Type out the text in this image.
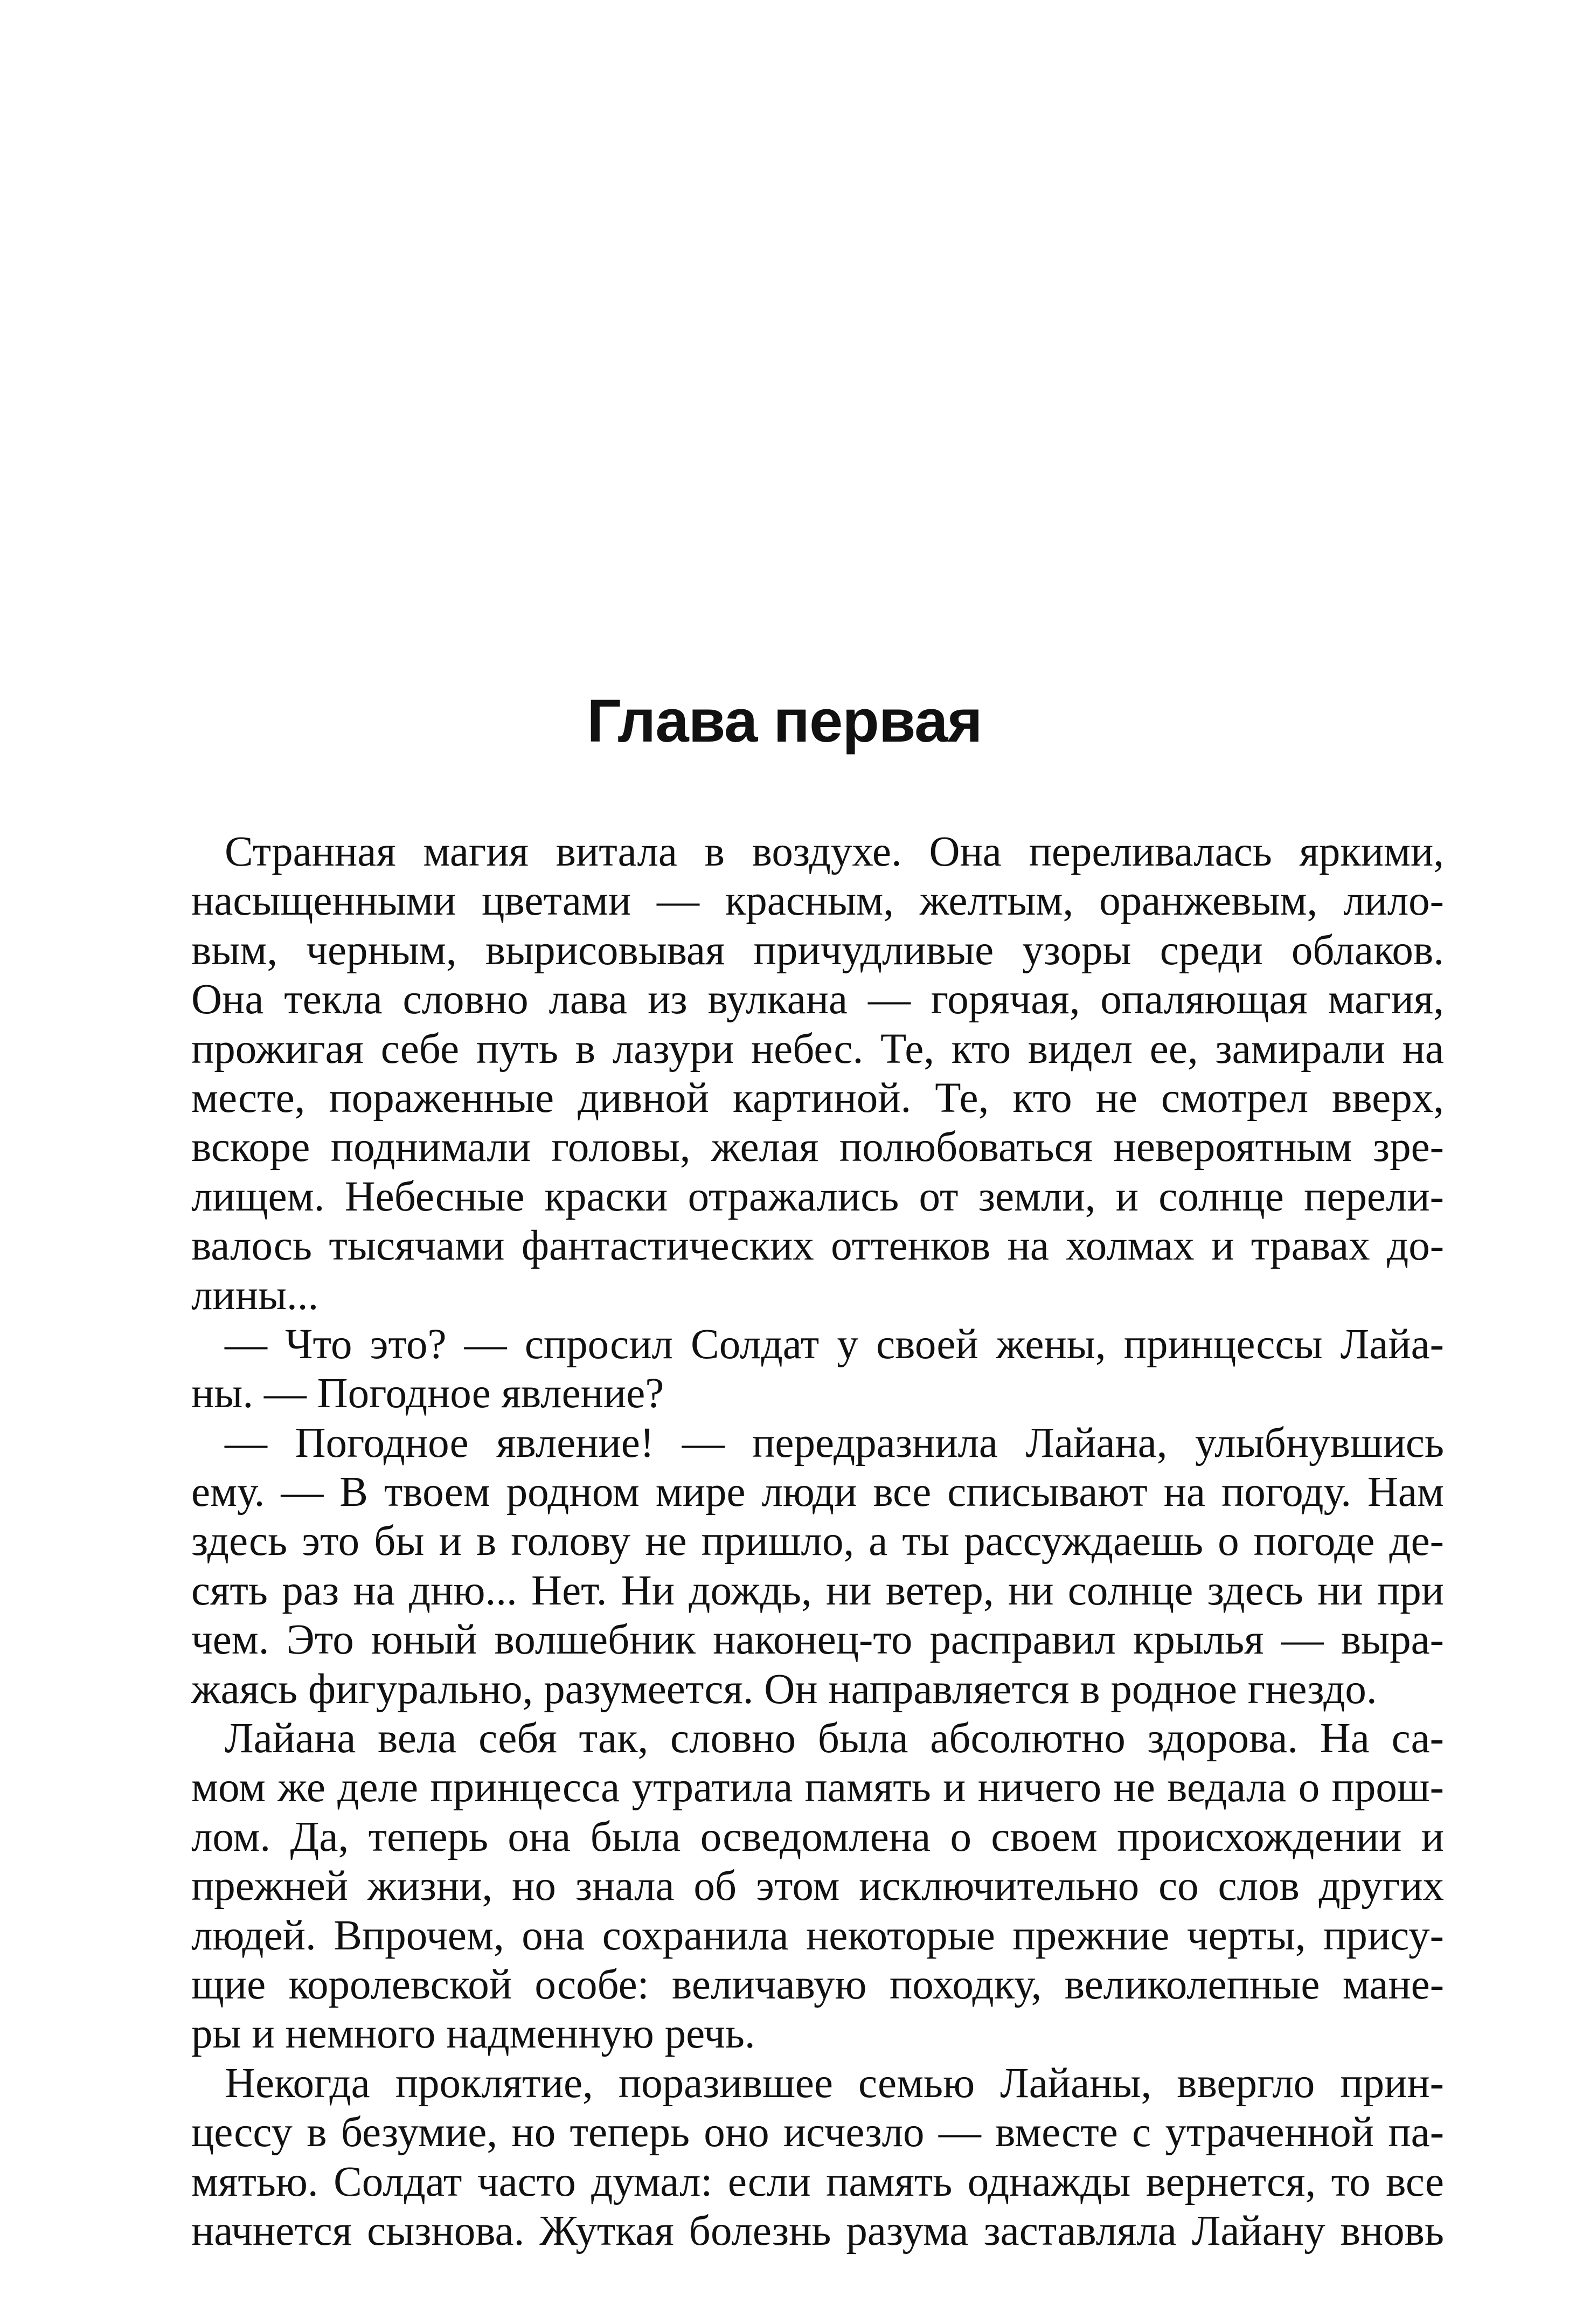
Глава первая
Странная магия витала в воздухе. Она переливалась яркими,
насыщенными цветами — красным, желтым, оранжевым, лило-
вым, черным, вырисовывая причудливые узоры среди облаков.
Она текла словно лава из вулкана — горячая, опаляющая магия,
прожигая себе путь в лазури небес. Те, кто видел ее, замирали на
месте, пораженные дивной картиной. Те, кто не смотрел вверх,
вскоре поднимали головы, желая полюбоваться невероятным зре-
лищем. Небесные краски отражались от земли, и солнце перели-
валось тысячами фантастических оттенков на холмах и травах до-
лины...
— Что это? — спросил Солдат у своей жены, принцессы Лайа-
ны. — Погодное явление?
— Погодное явление! — передразнила Лайана, улыбнувшись
ему. — В твоем родном мире люди все списывают на погоду. Нам
здесь это бы и в голову не пришло, а ты рассуждаешь о погоде де-
сять раз на дню... Нет. Ни дождь, ни ветер, ни солнце здесь ни при
чем. Это юный волшебник наконец-то расправил крылья — выра-
жаясь фигурально, разумеется. Он направляется в родное гнездо.
Лайана вела себя так, словно была абсолютно здорова. На са-
мом же деле принцесса утратила память и ничего не ведала о прош-
лом. Да, теперь она была осведомлена о своем происхождении и
прежней жизни, но знала об этом исключительно со слов других
людей. Впрочем, она сохранила некоторые прежние черты, прису-
щие королевской особе: величавую походку, великолепные мане-
ры и немного надменную речь.
Некогда проклятие, поразившее семью Лайаны, ввергло прин-
цессу в безумие, но теперь оно исчезло — вместе с утраченной па-
мятью. Солдат часто думал: если память однажды вернется, то все
начнется сызнова. Жуткая болезнь разума заставляла Лайану вновь
